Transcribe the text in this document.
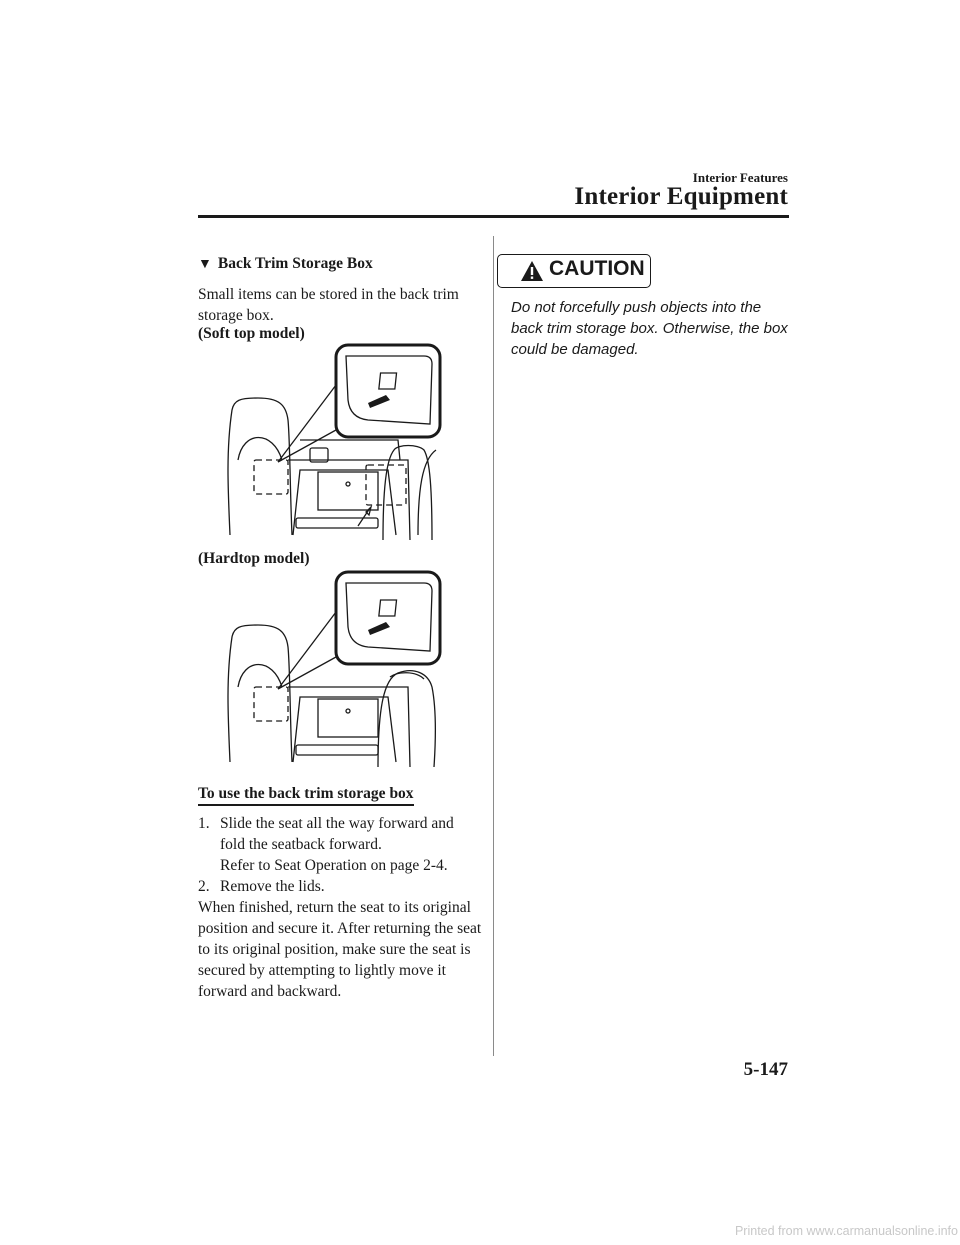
Interior Features
Interior Equipment
▼ Back Trim Storage Box
Small items can be stored in the back trim storage box.
(Soft top model)
(Hardtop model)
To use the back trim storage box
1. Slide the seat all the way forward and
fold the seatback forward.
Refer to Seat Operation on page 2-4.
2. Remove the lids.
When finished, return the seat to its original position and secure it. After returning the seat to its original position, make sure the seat is secured by attempting to lightly move it forward and backward.
CAUTION
Do not forcefully push objects into the back trim storage box. Otherwise, the box could be damaged.
5-147
Printed from www.carmanualsonline.info
